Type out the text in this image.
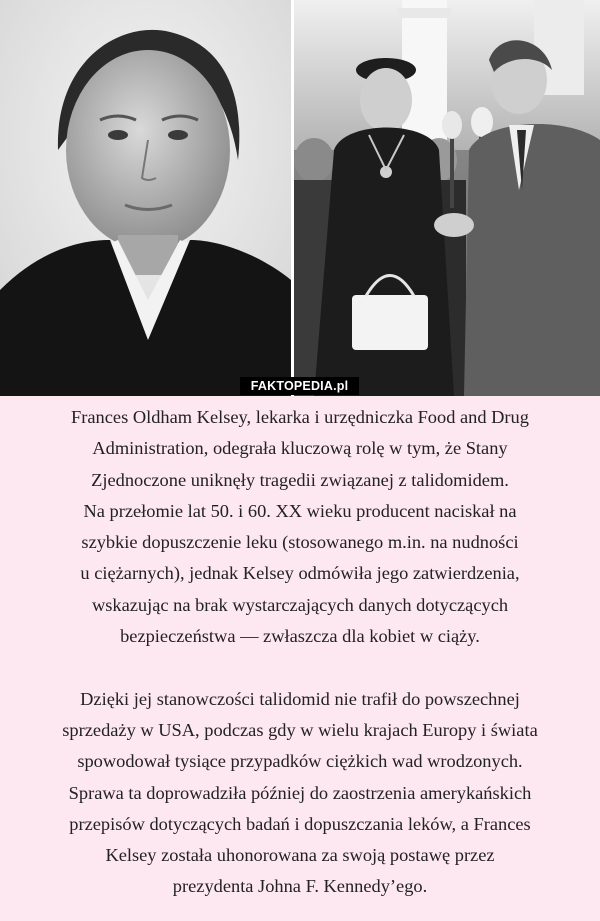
FAKTOPEDIA.pl

Frances Oldham Kelsey, lekarka i urzędniczka Food and Drug

Administration, odegrała kluczową rolę w tym, że Stany

Zjednoczone uniknęły tragedii związanej z talidomidem.

Na przełomie lat 50. i 60. XX wieku producent naciskał na

szybkie dopuszczenie leku (stosowanego m.in. na nudności

u ciężarnych), jednak Kelsey odmówiła jego zatwierdzenia,

wskazując na brak wystarczających danych dotyczących

bezpieczeństwa — zwłaszcza dla kobiet w ciąży.

Dzięki jej stanowczości talidomid nie trafił do powszechnej

sprzedaży w USA, podczas gdy w wielu krajach Europy i świata

spowodował tysiące przypadków ciężkich wad wrodzonych.

Sprawa ta doprowadziła później do zaostrzenia amerykańskich

przepisów dotyczących badań i dopuszczania leków, a Frances

Kelsey została uhonorowana za swoją postawę przez

prezydenta Johna F. Kennedy’ego.
